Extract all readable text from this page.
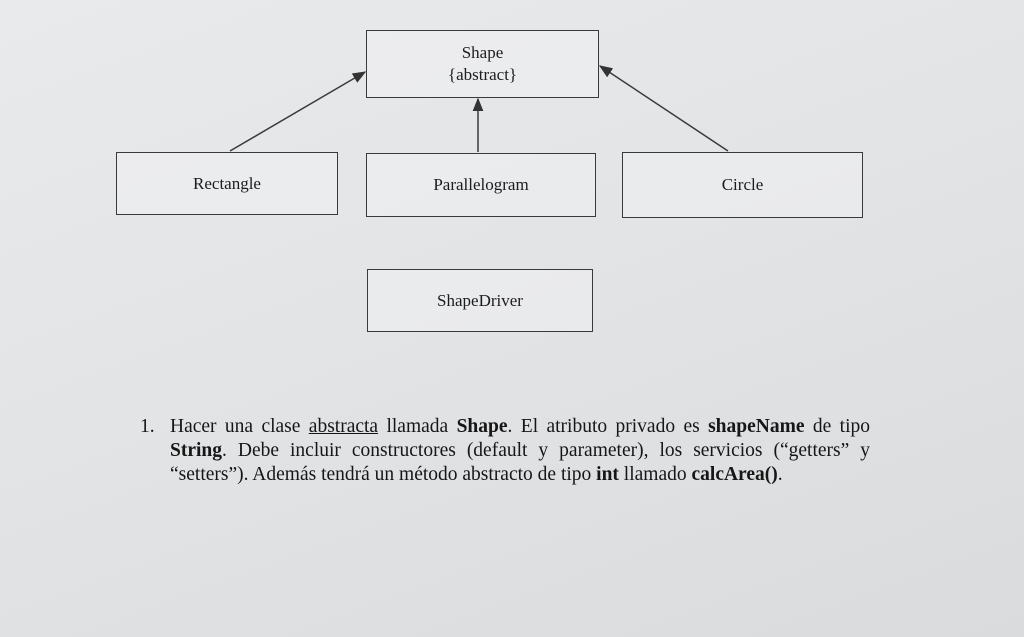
Shape
{abstract}
Rectangle	Parallelogram	Circle
ShapeDriver
1. Hacer una clase abstracta llamada Shape. El atributo privado es shapeName de tipo String. Debe incluir constructores (default y parameter), los servicios (“getters” y “setters”). Además tendrá un método abstracto de tipo int llamado calcArea().
